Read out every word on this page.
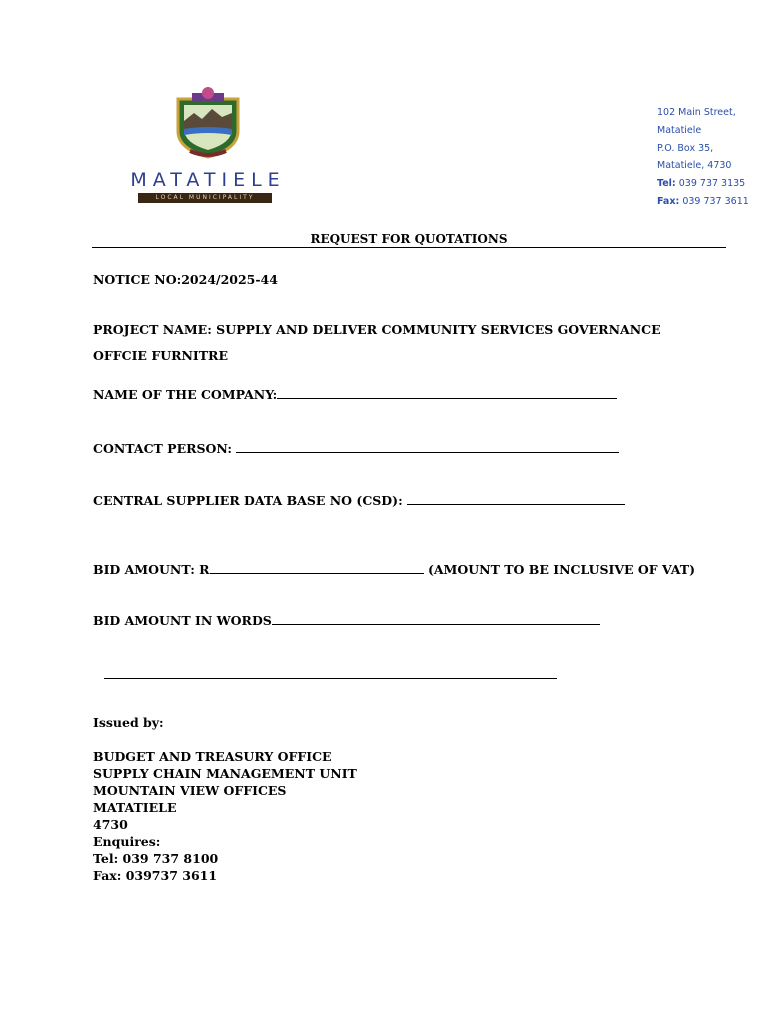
MATATIELE
LOCAL MUNICIPALITY
102 Main Street,
Matatiele
P.O. Box 35,
Matatiele, 4730
Tel: 039 737 3135
Fax: 039 737 3611
REQUEST FOR QUOTATIONS
NOTICE NO:2024/2025-44
PROJECT NAME: SUPPLY AND DELIVER COMMUNITY SERVICES GOVERNANCE
OFFCIE FURNITRE
NAME OF THE COMPANY:
CONTACT PERSON:
CENTRAL SUPPLIER DATA BASE NO (CSD):
BID AMOUNT: R	(AMOUNT TO BE INCLUSIVE OF VAT)
BID AMOUNT IN WORDS
Issued by:
BUDGET AND TREASURY OFFICE
SUPPLY CHAIN MANAGEMENT UNIT
MOUNTAIN VIEW OFFICES
MATATIELE
4730
Enquires:
Tel: 039 737 8100
Fax: 039737 3611
